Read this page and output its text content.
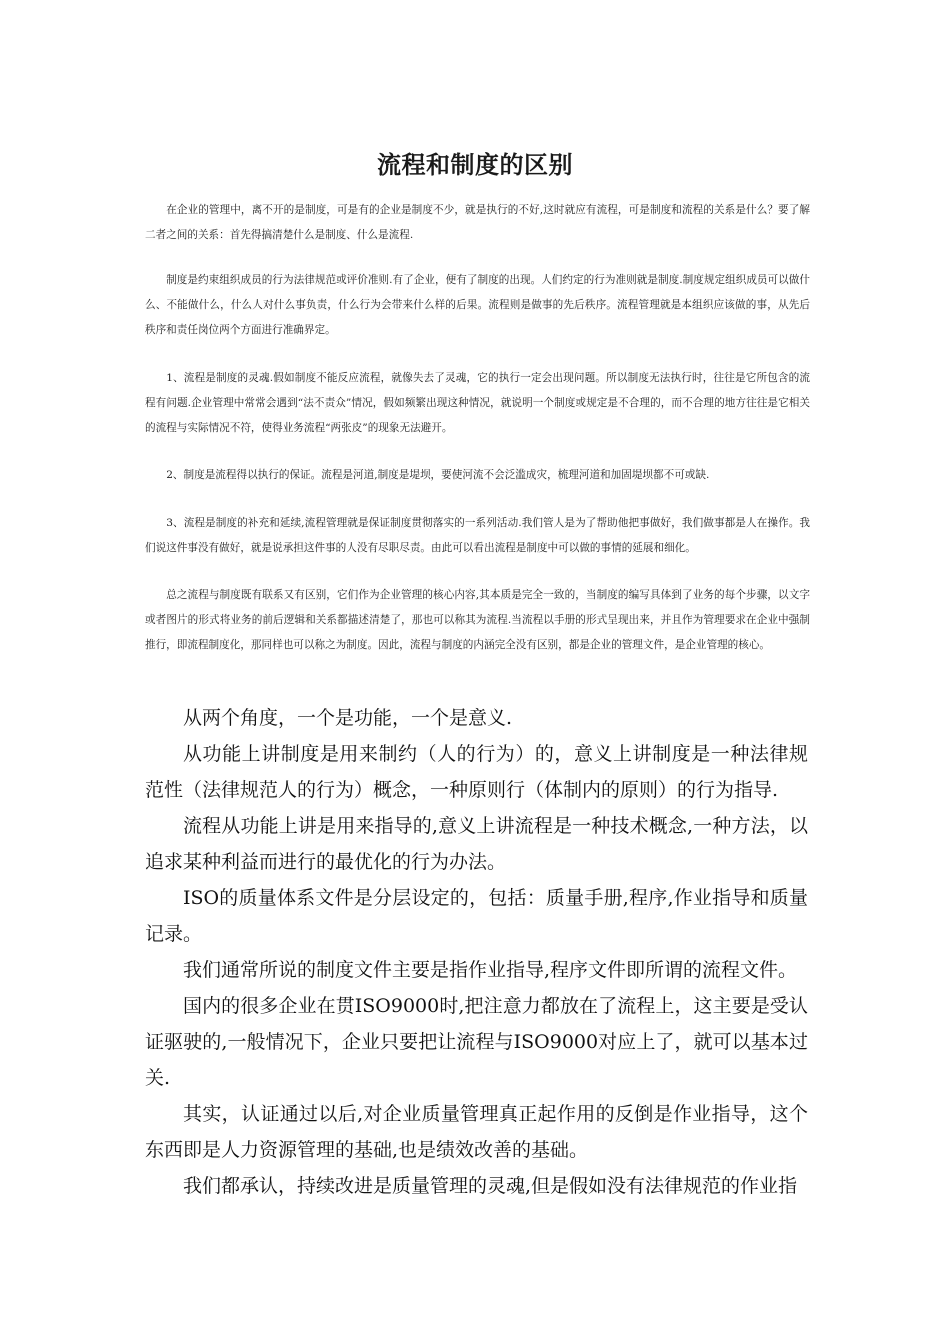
流程和制度的区别

在企业的管理中，离不开的是制度，可是有的企业是制度不少，就是执行的不好,这时就应有流程，可是制度和流程的关系是什么？要了解二者之间的关系：首先得搞清楚什么是制度、什么是流程.

制度是约束组织成员的行为法律规范或评价准则.有了企业，便有了制度的出现。人们约定的行为准则就是制度.制度规定组织成员可以做什么、不能做什么，什么人对什么事负责，什么行为会带来什么样的后果。流程则是做事的先后秩序。流程管理就是本组织应该做的事，从先后秩序和责任岗位两个方面进行准确界定。

1、流程是制度的灵魂.假如制度不能反应流程，就像失去了灵魂，它的执行一定会出现问题。所以制度无法执行时，往往是它所包含的流程有问题.企业管理中常常会遇到“法不责众”情况，假如频繁出现这种情况，就说明一个制度或规定是不合理的，而不合理的地方往往是它相关的流程与实际情况不符，使得业务流程“两张皮”的现象无法避开。

2、制度是流程得以执行的保证。流程是河道,制度是堤坝，要使河流不会泛滥成灾，梳理河道和加固堤坝都不可或缺.

3、流程是制度的补充和延续,流程管理就是保证制度贯彻落实的一系列活动.我们管人是为了帮助他把事做好，我们做事都是人在操作。我们说这件事没有做好，就是说承担这件事的人没有尽职尽责。由此可以看出流程是制度中可以做的事情的延展和细化。

总之流程与制度既有联系又有区别，它们作为企业管理的核心内容,其本质是完全一致的，当制度的编写具体到了业务的每个步骤，以文字或者图片的形式将业务的前后逻辑和关系都描述清楚了，那也可以称其为流程.当流程以手册的形式呈现出来，并且作为管理要求在企业中强制推行，即流程制度化，那同样也可以称之为制度。因此，流程与制度的内涵完全没有区别，都是企业的管理文件，是企业管理的核心。

从两个角度，一个是功能，一个是意义.

从功能上讲制度是用来制约（人的行为）的，意义上讲制度是一种法律规范性（法律规范人的行为）概念，一种原则行（体制内的原则）的行为指导.

流程从功能上讲是用来指导的,意义上讲流程是一种技术概念,一种方法，以追求某种利益而进行的最优化的行为办法。

ISO的质量体系文件是分层设定的，包括：质量手册,程序,作业指导和质量记录。

我们通常所说的制度文件主要是指作业指导,程序文件即所谓的流程文件。

国内的很多企业在贯ISO9000时,把注意力都放在了流程上，这主要是受认证驱驶的,一般情况下，企业只要把让流程与ISO9000对应上了，就可以基本过关.

其实，认证通过以后,对企业质量管理真正起作用的反倒是作业指导，这个东西即是人力资源管理的基础,也是绩效改善的基础。

我们都承认，持续改进是质量管理的灵魂,但是假如没有法律规范的作业指
